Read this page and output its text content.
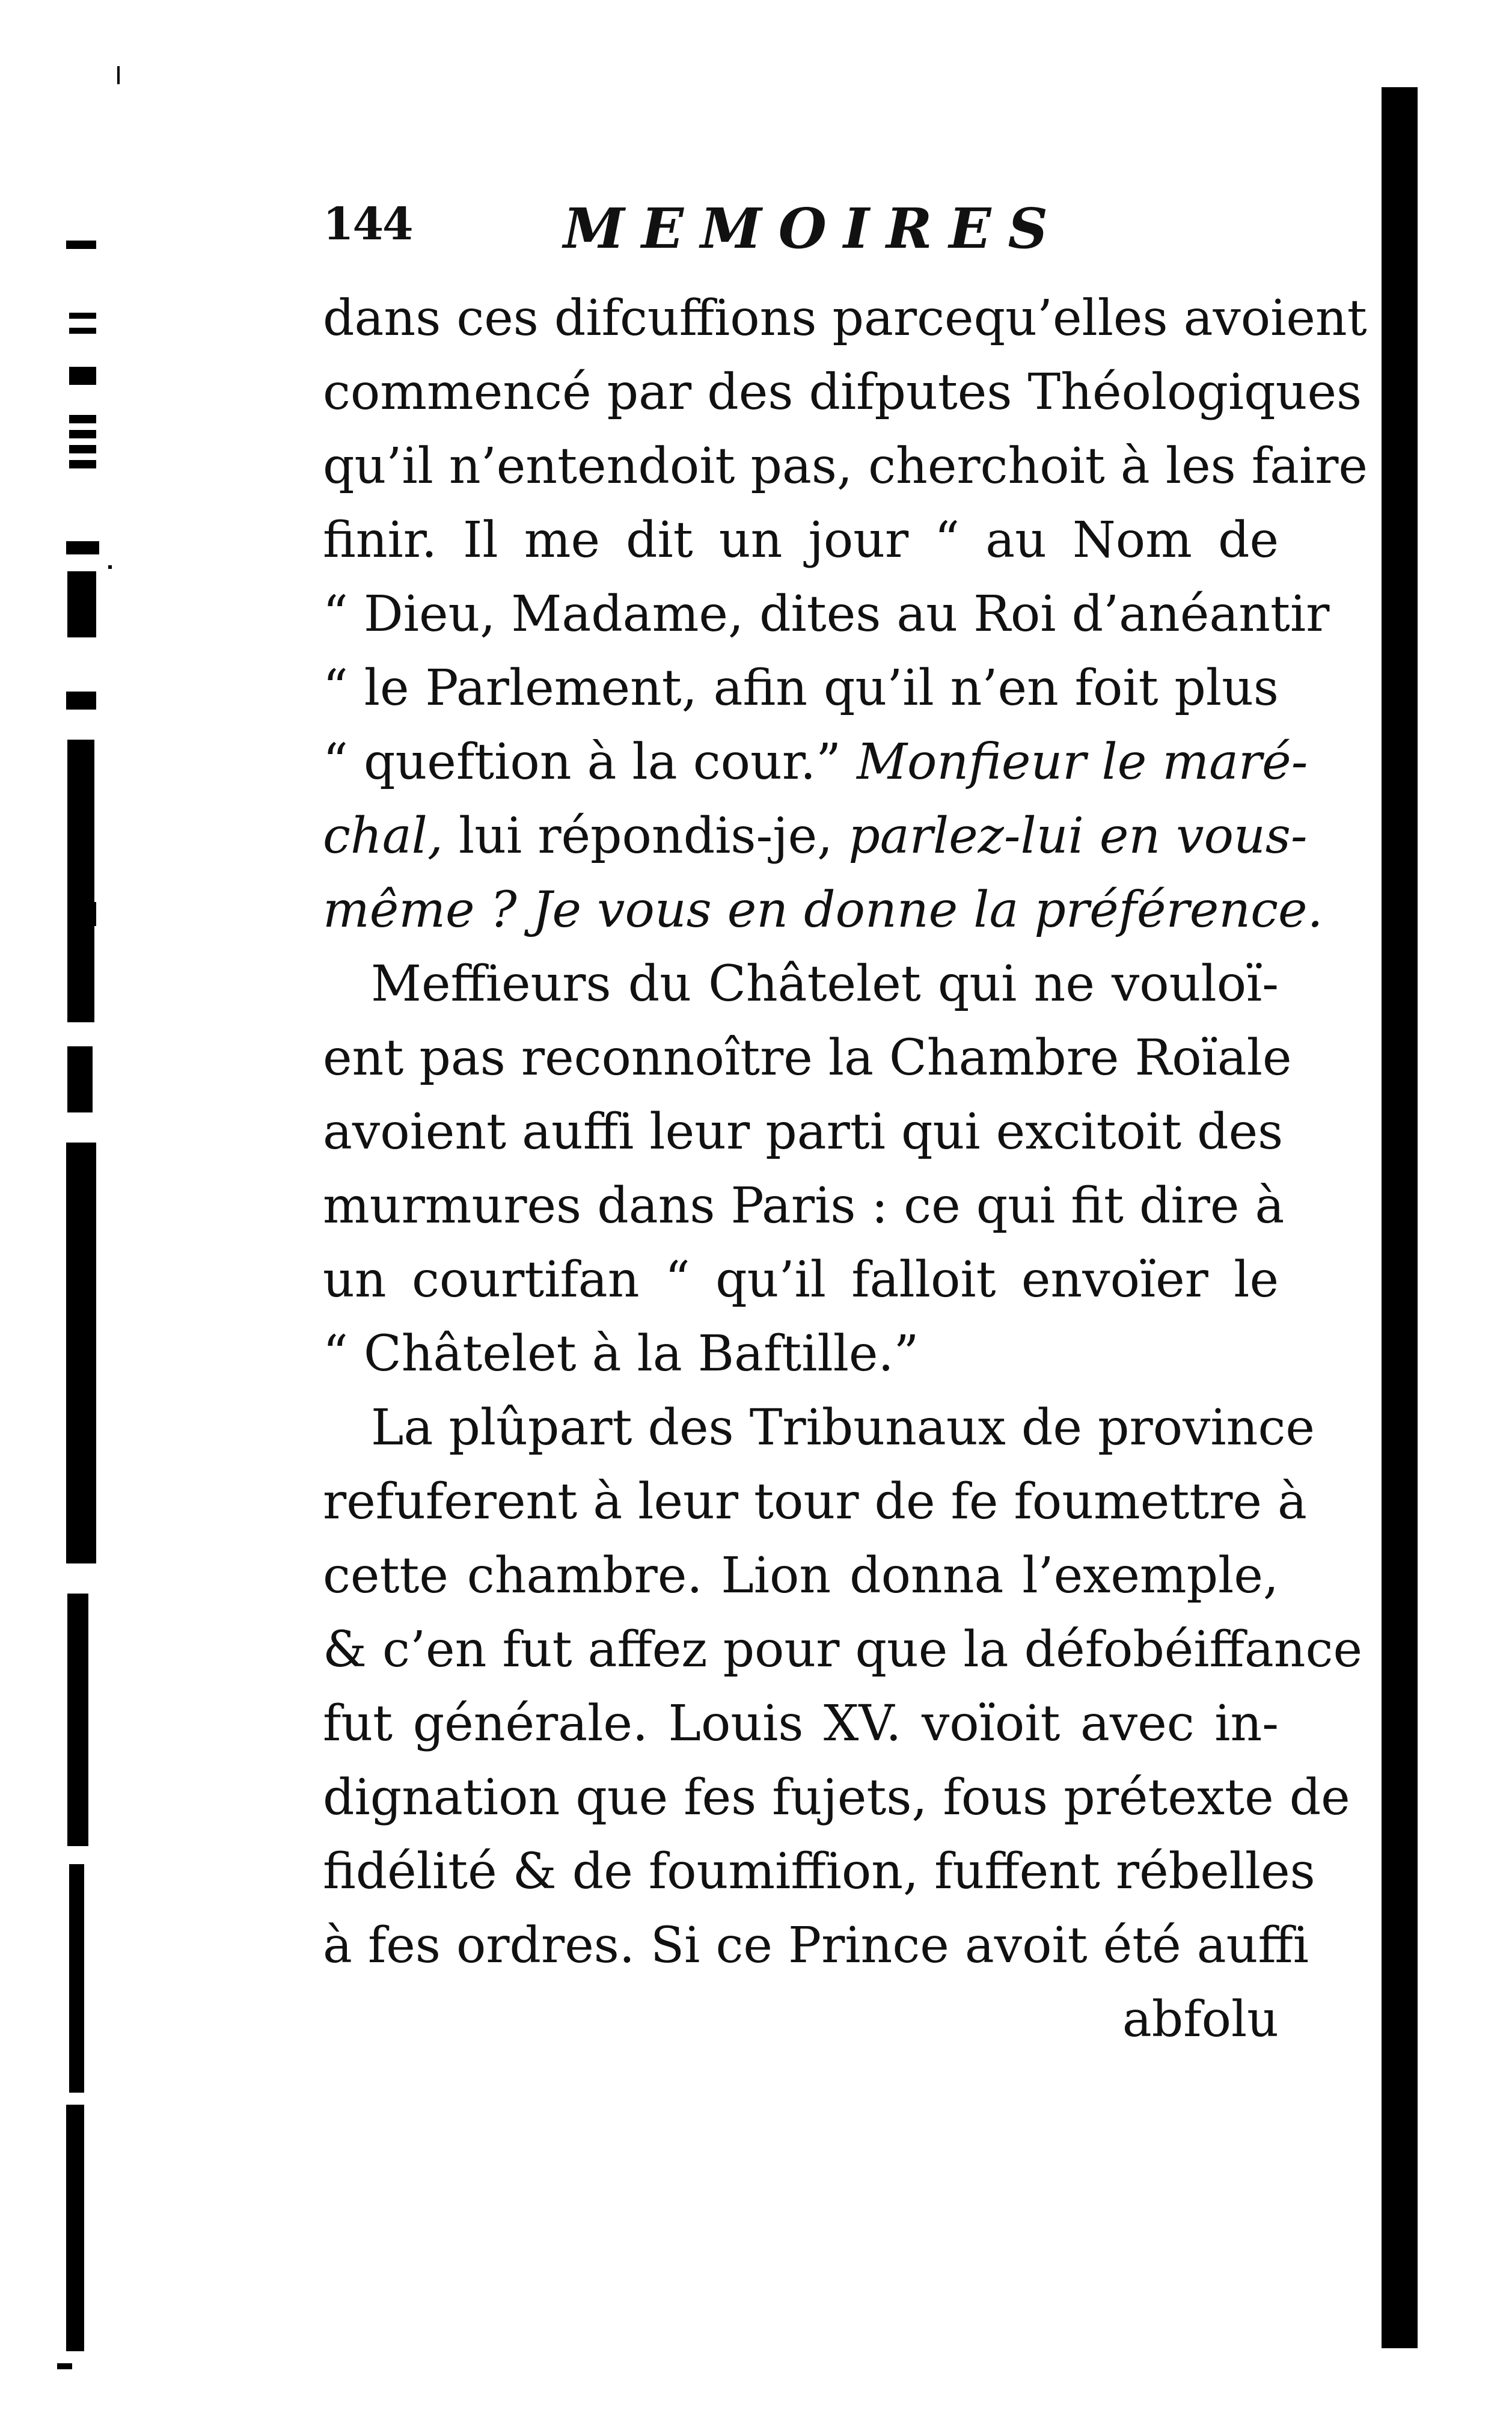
144	MEMOIRES
dans ces difcuffions parcequ’elles avoient
commencé par des difputes Théologiques
qu’il n’entendoit pas, cherchoit à les faire
finir. Il me dit un jour “ au Nom de
“ Dieu, Madame, dites au Roi d’anéantir
“ le Parlement, afin qu’il n’en foit plus
“ queftion à la cour.” Monfieur le maré-
chal, lui répondis-je, parlez-lui en vous-
même ? Je vous en donne la préférence.
Meffieurs du Châtelet qui ne vouloï-
ent pas reconnoître la Chambre Roïale
avoient auffi leur parti qui excitoit des
murmures dans Paris : ce qui fit dire à
un courtifan “ qu’il falloit envoïer le
“ Châtelet à la Baftille.”
La plûpart des Tribunaux de province
refuferent à leur tour de fe foumettre à
cette chambre. Lion donna l’exemple,
& c’en fut affez pour que la défobéiffance
fut générale. Louis XV. voïoit avec in-
dignation que fes fujets, fous prétexte de
fidélité & de foumiffion, fuffent rébelles
à fes ordres. Si ce Prince avoit été auffi
abfolu
